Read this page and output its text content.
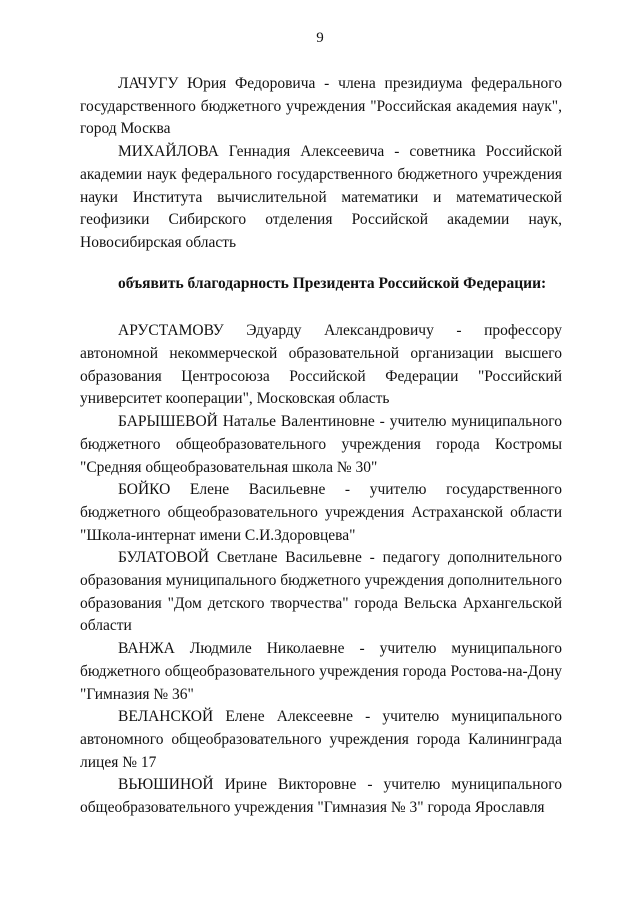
9

ЛАЧУГУ Юрия Федоровича - члена президиума федерального государственного бюджетного учреждения "Российская академия наук", город Москва

МИХАЙЛОВА Геннадия Алексеевича - советника Российской академии наук федерального государственного бюджетного учреждения науки Института вычислительной математики и математической геофизики Сибирского отделения Российской академии наук, Новосибирская область

объявить благодарность Президента Российской Федерации:

АРУСТАМОВУ Эдуарду Александровичу - профессору автономной некоммерческой образовательной организации высшего образования Центросоюза Российской Федерации "Российский университет кооперации", Московская область

БАРЫШЕВОЙ Наталье Валентиновне - учителю муниципального бюджетного общеобразовательного учреждения города Костромы "Средняя общеобразовательная школа № 30"

БОЙКО Елене Васильевне - учителю государственного бюджетного общеобразовательного учреждения Астраханской области "Школа-интернат имени С.И.Здоровцева"

БУЛАТОВОЙ Светлане Васильевне - педагогу дополнительного образования муниципального бюджетного учреждения дополнительного образования "Дом детского творчества" города Вельска Архангельской области

ВАНЖА Людмиле Николаевне - учителю муниципального бюджетного общеобразовательного учреждения города Ростова-на-Дону "Гимназия № 36"

ВЕЛАНСКОЙ Елене Алексеевне - учителю муниципального автономного общеобразовательного учреждения города Калининграда лицея № 17

ВЬЮШИНОЙ Ирине Викторовне - учителю муниципального общеобразовательного учреждения "Гимназия № 3" города Ярославля
